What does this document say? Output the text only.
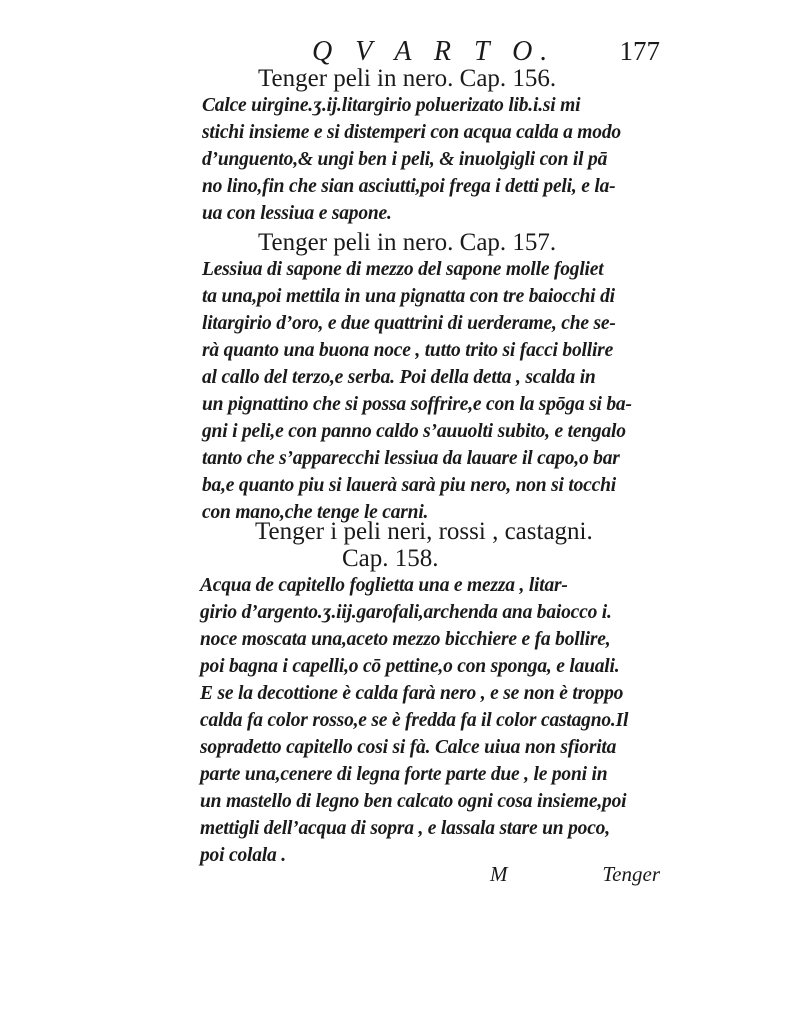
Q V A R T O. 177
Tenger peli in nero. Cap. 156.
Calce uirgine.ʒ.ij.litargirio poluerizato lib.i.si mi
stichi insieme e si distemperi con acqua calda a modo
d’unguento,& ungi ben i peli, & inuolgigli con il pā
no lino,fin che sian asciutti,poi frega i detti peli, e la-
ua con lessiua e sapone.
Tenger peli in nero. Cap. 157.
Lessiua di sapone di mezzo del sapone molle fogliet
ta una,poi mettila in una pignatta con tre baiocchi di
litargirio d’oro, e due quattrini di uerderame, che se-
rà quanto una buona noce , tutto trito si facci bollire
al callo del terzo,e serba. Poi della detta , scalda in
un pignattino che si possa soffrire,e con la spōga si ba-
gni i peli,e con panno caldo s’auuolti subito, e tengalo
tanto che s’apparecchi lessiua da lauare il capo,o bar
ba,e quanto piu si lauerà sarà piu nero, non si tocchi
con mano,che tenge le carni.
Tenger i peli neri, rossi , castagni.
Cap. 158.
Acqua de capitello foglietta una e mezza , litar-
girio d’argento.ʒ.iij.garofali,archenda ana baiocco i.
noce moscata una,aceto mezzo bicchiere e fa bollire,
poi bagna i capelli,o cō pettine,o con sponga, e lauali.
E se la decottione è calda farà nero , e se non è troppo
calda fa color rosso,e se è fredda fa il color castagno.Il
sopradetto capitello cosi si fà. Calce uiua non sfiorita
parte una,cenere di legna forte parte due , le poni in
un mastello di legno ben calcato ogni cosa insieme,poi
mettigli dell’acqua di sopra , e lassala stare un poco,
poi colala .
M	Tenger
